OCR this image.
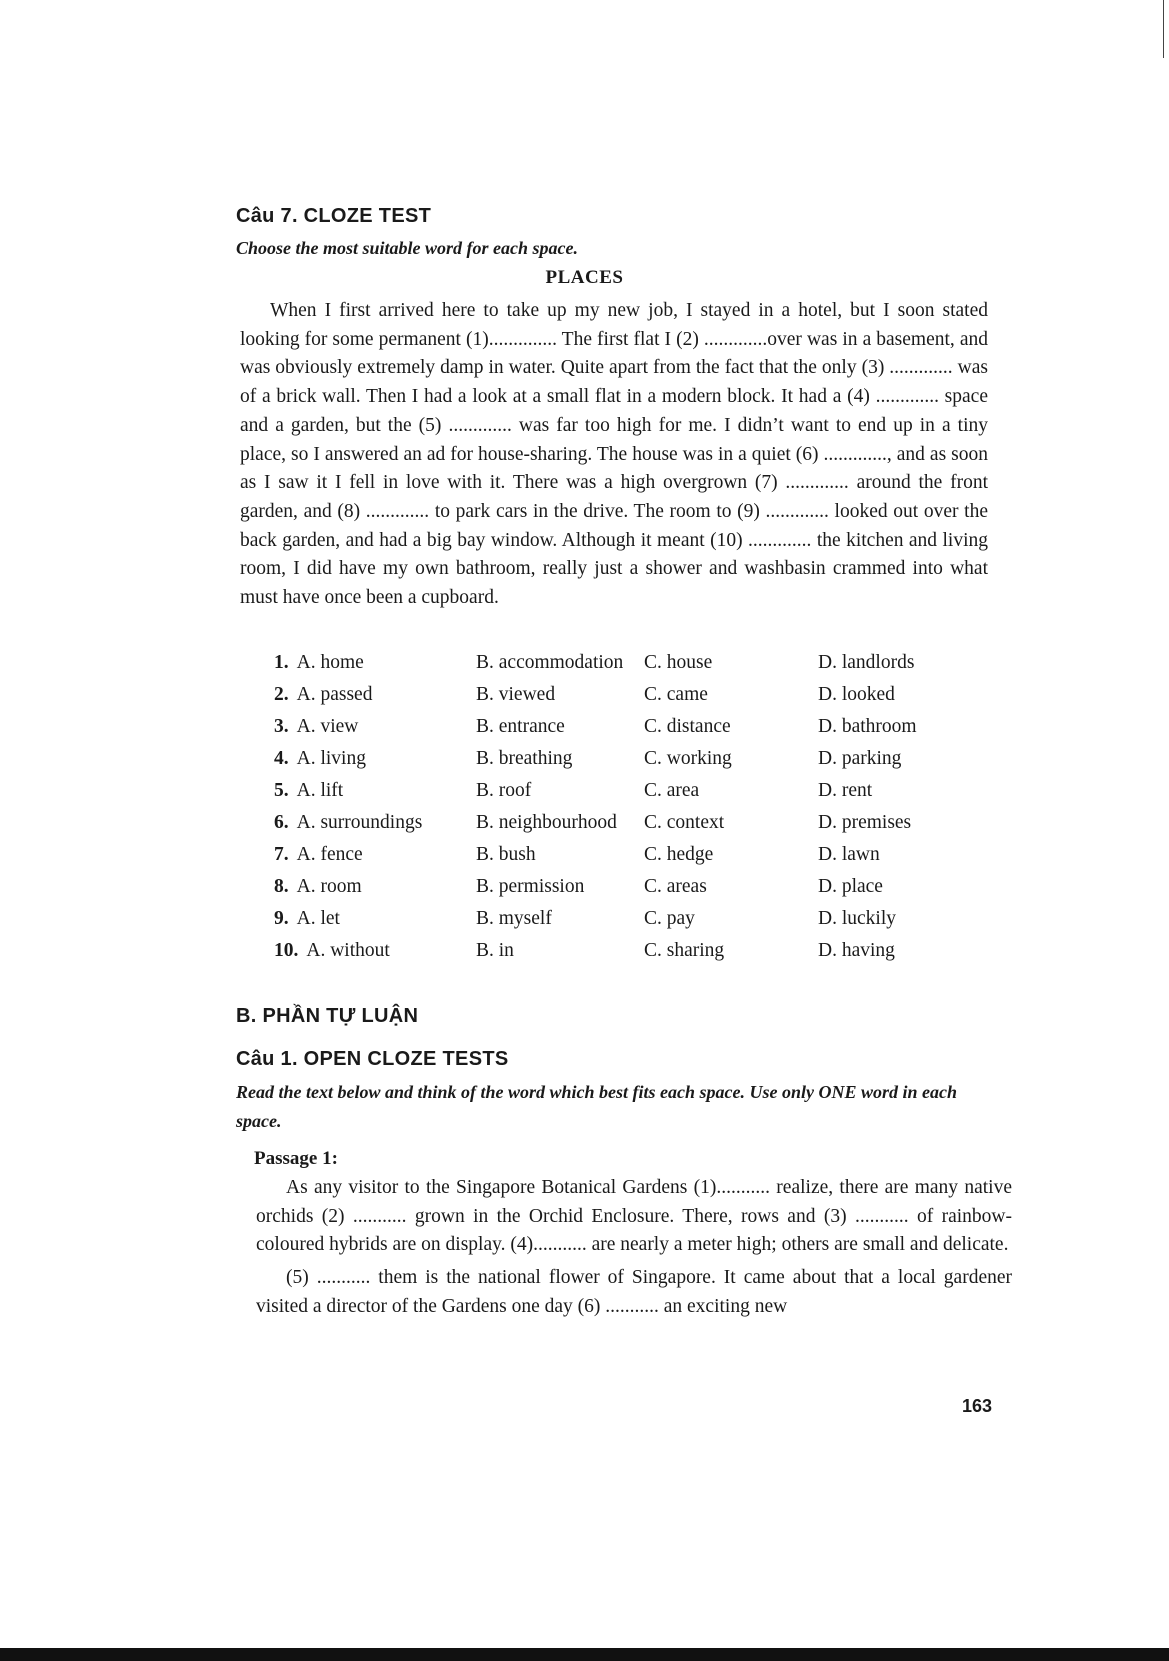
Câu 7. CLOZE TEST
Choose the most suitable word for each space.
PLACES

When I first arrived here to take up my new job, I stayed in a hotel, but I soon stated looking for some permanent (1).............. The first flat I (2) .............over was in a basement, and was obviously extremely damp in water. Quite apart from the fact that the only (3) ............. was of a brick wall. Then I had a look at a small flat in a modern block. It had a (4) ............. space and a garden, but the (5) ............. was far too high for me. I didn’t want to end up in a tiny place, so I answered an ad for house-sharing. The house was in a quiet (6) ............., and as soon as I saw it I fell in love with it. There was a high overgrown (7) ............. around the front garden, and (8) ............. to park cars in the drive. The room to (9) ............. looked out over the back garden, and had a big bay window. Although it meant (10) ............. the kitchen and living room, I did have my own bathroom, really just a shower and washbasin crammed into what must have once been a cupboard.

1. A. home	B. accommodation C. house	D. landlords
2. A. passed	B. viewed	C. came	D. looked
3. A. view	B. entrance	C. distance	D. bathroom
4. A. living	B. breathing	C. working	D. parking
5. A. lift	B. roof	C. area	D. rent
6. A. surroundings	B. neighbourhood C. context	D. premises
7. A. fence	B. bush	C. hedge	D. lawn
8. A. room	B. permission	C. areas	D. place
9. A. let	B. myself	C. pay	D. luckily
10. A. without	B. in	C. sharing	D. having
B. PHẦN TỰ LUẬN
Câu 1. OPEN CLOZE TESTS
Read the text below and think of the word which best fits each space. Use only ONE word in each space.
Passage 1:

As any visitor to the Singapore Botanical Gardens (1)........... realize, there are many native orchids (2) ........... grown in the Orchid Enclosure. There, rows and (3) ........... of rainbow-coloured hybrids are on display. (4)........... are nearly a meter high; others are small and delicate.

(5) ........... them is the national flower of Singapore. It came about that a local gardener visited a director of the Gardens one day (6) ........... an exciting new

163
